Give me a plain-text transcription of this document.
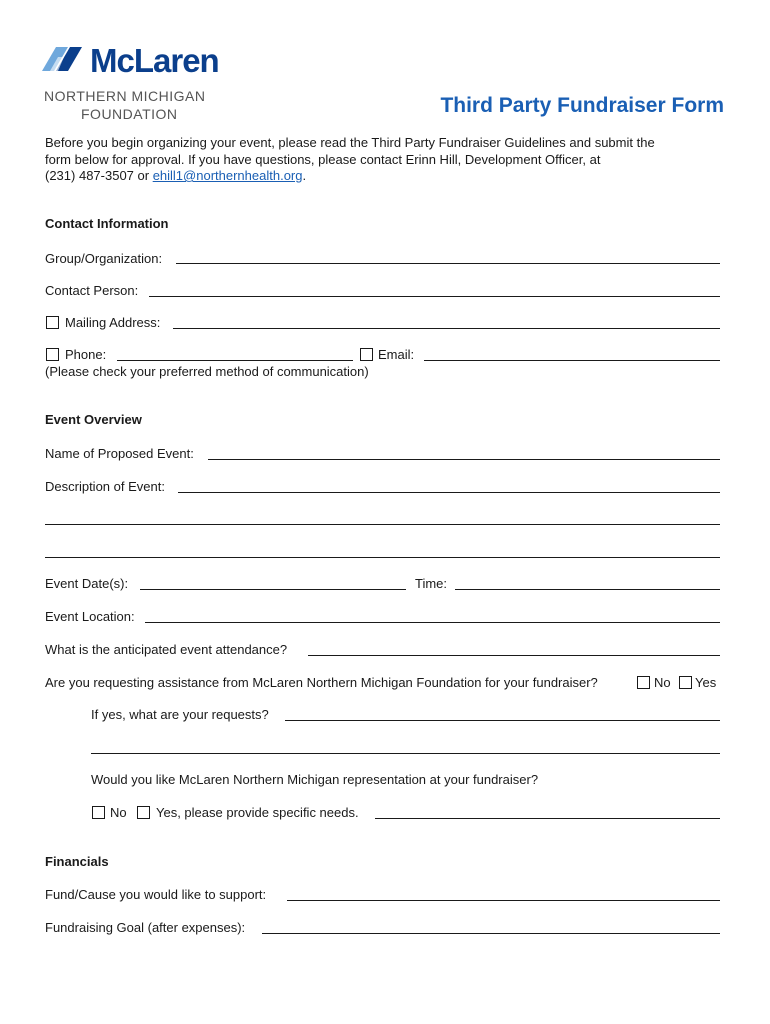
McLaren
NORTHERN MICHIGAN
FOUNDATION	Third Party Fundraiser Form
Before you begin organizing your event, please read the Third Party Fundraiser Guidelines and submit the
form below for approval. If you have questions, please contact Erinn Hill, Development Officer, at
(231) 487-3507 or ehill1@northernhealth.org.
Contact Information
Group/Organization:
Contact Person:
Mailing Address:
Phone:	Email:
(Please check your preferred method of communication)
Event Overview
Name of Proposed Event:
Description of Event:
Event Date(s):	Time:
Event Location:
What is the anticipated event attendance?
Are you requesting assistance from McLaren Northern Michigan Foundation for your fundraiser?	No Yes
If yes, what are your requests?
Would you like McLaren Northern Michigan representation at your fundraiser?
No Yes, please provide specific needs.
Financials
Fund/Cause you would like to support:
Fundraising Goal (after expenses):
